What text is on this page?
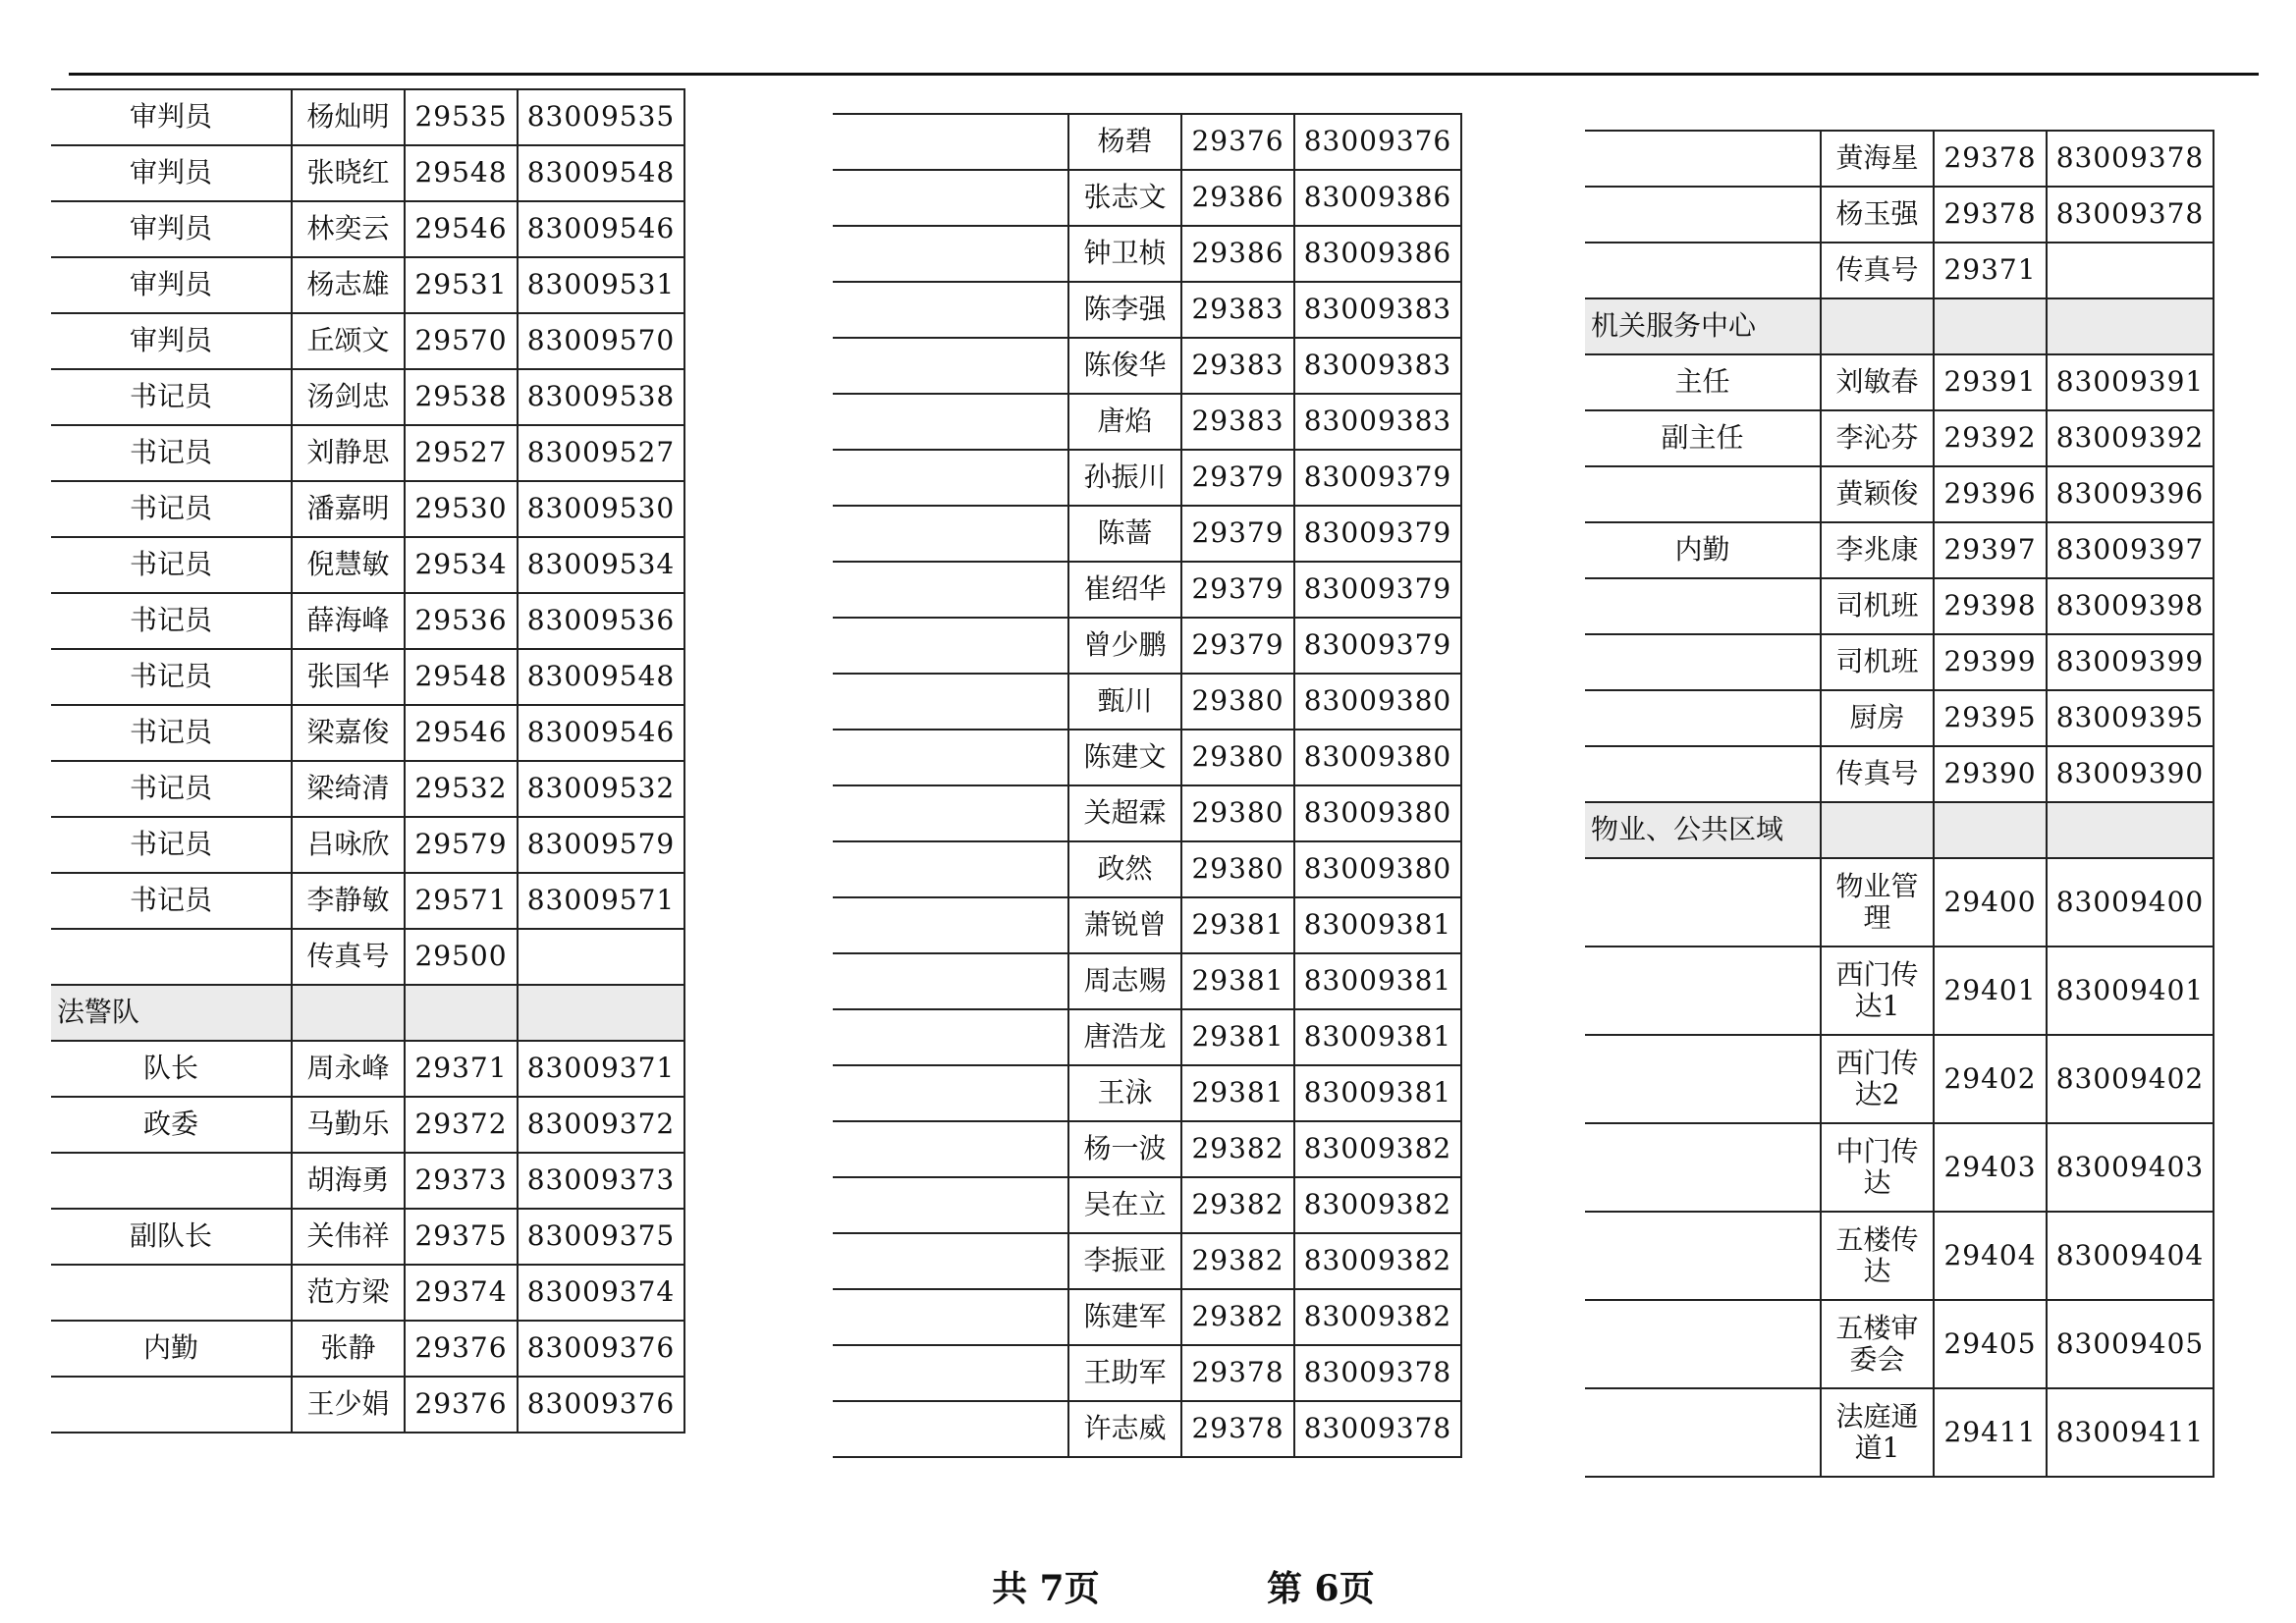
审判员	杨灿明	29535	83009535
审判员	张晓红	29548	83009548
审判员	林奕云	29546	83009546
审判员	杨志雄	29531	83009531
审判员	丘颂文	29570	83009570
书记员	汤剑忠	29538	83009538
书记员	刘静思	29527	83009527
书记员	潘嘉明	29530	83009530
书记员	倪慧敏	29534	83009534
书记员	薛海峰	29536	83009536
书记员	张国华	29548	83009548
书记员	梁嘉俊	29546	83009546
书记员	梁绮清	29532	83009532
书记员	吕咏欣	29579	83009579
书记员	李静敏	29571	83009571
	传真号	29500	
法警队			
队长	周永峰	29371	83009371
政委	马勤乐	29372	83009372
	胡海勇	29373	83009373
副队长	关伟祥	29375	83009375
	范方梁	29374	83009374
内勤	张静	29376	83009376
	王少娟	29376	83009376
	杨碧	29376	83009376
	张志文	29386	83009386
	钟卫桢	29386	83009386
	陈李强	29383	83009383
	陈俊华	29383	83009383
	唐焰	29383	83009383
	孙振川	29379	83009379
	陈蔷	29379	83009379
	崔绍华	29379	83009379
	曾少鹏	29379	83009379
	甄川	29380	83009380
	陈建文	29380	83009380
	关超霖	29380	83009380
	政然	29380	83009380
	萧锐曾	29381	83009381
	周志赐	29381	83009381
	唐浩龙	29381	83009381
	王泳	29381	83009381
	杨一波	29382	83009382
	吴在立	29382	83009382
	李振亚	29382	83009382
	陈建军	29382	83009382
	王助军	29378	83009378
	许志威	29378	83009378
	黄海星	29378	83009378
	杨玉强	29378	83009378
	传真号	29371	
机关服务中心			
主任	刘敏春	29391	83009391
副主任	李沁芬	29392	83009392
	黄颖俊	29396	83009396
内勤	李兆康	29397	83009397
	司机班	29398	83009398
	司机班	29399	83009399
	厨房	29395	83009395
	传真号	29390	83009390
物业、公共区域			
	物业管理	29400	83009400
	西门传达1	29401	83009401
	西门传达2	29402	83009402
	中门传达	29403	83009403
	五楼传达	29404	83009404
	五楼审委会	29405	83009405
	法庭通道1	29411	83009411
共 7页	第 6页
